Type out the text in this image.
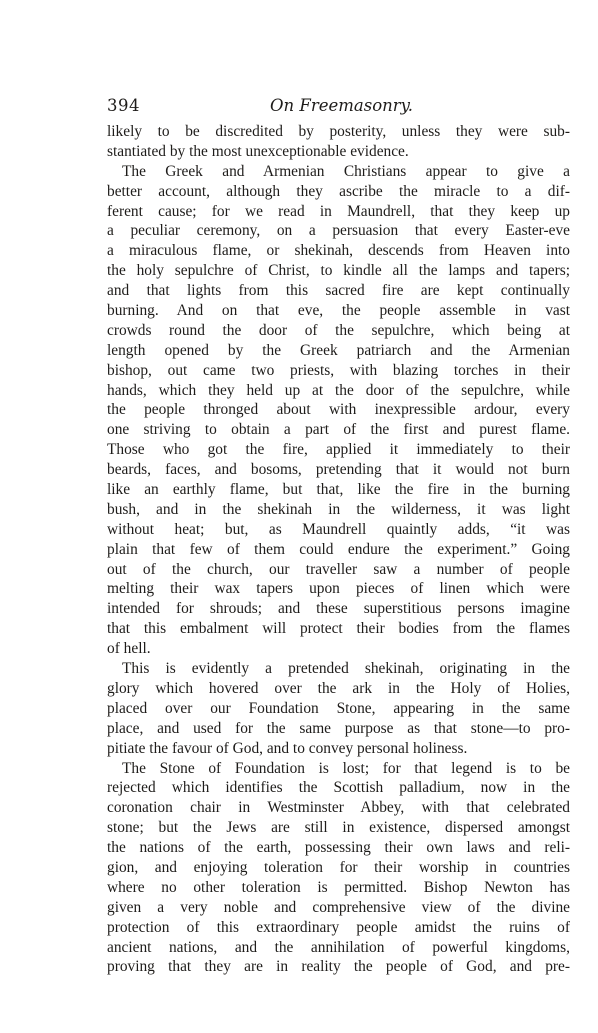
394	On Freemasonry.
likely to be discredited by posterity, unless they were sub-
stantiated by the most unexceptionable evidence.
The Greek and Armenian Christians appear to give a
better account, although they ascribe the miracle to a dif-
ferent cause; for we read in Maundrell, that they keep up
a peculiar ceremony, on a persuasion that every Easter-eve
a miraculous flame, or shekinah, descends from Heaven into
the holy sepulchre of Christ, to kindle all the lamps and tapers;
and that lights from this sacred fire are kept continually
burning. And on that eve, the people assemble in vast
crowds round the door of the sepulchre, which being at
length opened by the Greek patriarch and the Armenian
bishop, out came two priests, with blazing torches in their
hands, which they held up at the door of the sepulchre, while
the people thronged about with inexpressible ardour, every
one striving to obtain a part of the first and purest flame.
Those who got the fire, applied it immediately to their
beards, faces, and bosoms, pretending that it would not burn
like an earthly flame, but that, like the fire in the burning
bush, and in the shekinah in the wilderness, it was light
without heat; but, as Maundrell quaintly adds, “it was
plain that few of them could endure the experiment.” Going
out of the church, our traveller saw a number of people
melting their wax tapers upon pieces of linen which were
intended for shrouds; and these superstitious persons imagine
that this embalment will protect their bodies from the flames
of hell.
This is evidently a pretended shekinah, originating in the
glory which hovered over the ark in the Holy of Holies,
placed over our Foundation Stone, appearing in the same
place, and used for the same purpose as that stone—to pro-
pitiate the favour of God, and to convey personal holiness.
The Stone of Foundation is lost; for that legend is to be
rejected which identifies the Scottish palladium, now in the
coronation chair in Westminster Abbey, with that celebrated
stone; but the Jews are still in existence, dispersed amongst
the nations of the earth, possessing their own laws and reli-
gion, and enjoying toleration for their worship in countries
where no other toleration is permitted. Bishop Newton has
given a very noble and comprehensive view of the divine
protection of this extraordinary people amidst the ruins of
ancient nations, and the annihilation of powerful kingdoms,
proving that they are in reality the people of God, and pre-
